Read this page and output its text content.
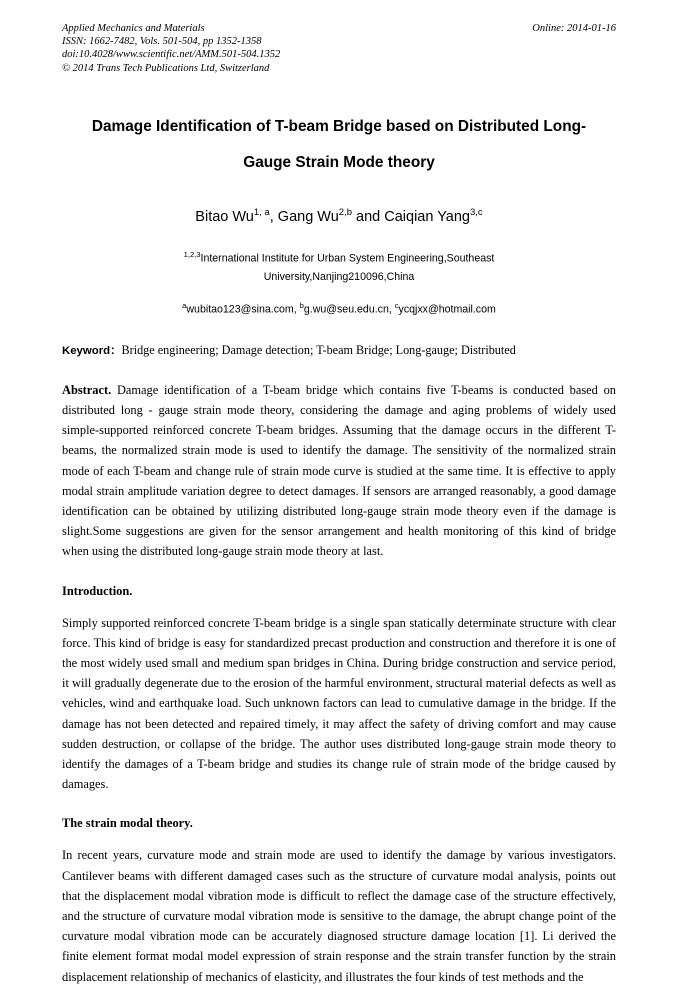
Applied Mechanics and Materials
ISSN: 1662-7482, Vols. 501-504, pp 1352-1358
doi:10.4028/www.scientific.net/AMM.501-504.1352
© 2014 Trans Tech Publications Ltd, Switzerland
Online: 2014-01-16
Damage Identification of T-beam Bridge based on Distributed Long-
Gauge Strain Mode theory
Bitao Wu$^{1, a}$, Gang Wu$^{2,b}$ and Caiqian Yang$^{3,c}$
$^{1,2,3}$International Institute for Urban System Engineering,Southeast
University,Nanjing210096,China
$^a$wubitao123@sina.com, $^b$g.wu@seu.edu.cn, $^c$ycqjxx@hotmail.com
Keyword：Bridge engineering; Damage detection; T-beam Bridge; Long-gauge; Distributed

Abstract. Damage identification of a T-beam bridge which contains five T-beams is conducted based on distributed long - gauge strain mode theory, considering the damage and aging problems of widely used simple-supported reinforced concrete T-beam bridges. Assuming that the damage occurs in the different T-beams, the normalized strain mode is used to identify the damage. The sensitivity of the normalized strain mode of each T-beam and change rule of strain mode curve is studied at the same time. It is effective to apply modal strain amplitude variation degree to detect damages. If sensors are arranged reasonably, a good damage identification can be obtained by utilizing distributed long-gauge strain mode theory even if the damage is slight.Some suggestions are given for the sensor arrangement and health monitoring of this kind of bridge when using the distributed long-gauge strain mode theory at last.

Introduction.

Simply supported reinforced concrete T-beam bridge is a single span statically determinate structure with clear force. This kind of bridge is easy for standardized precast production and construction and therefore it is one of the most widely used small and medium span bridges in China. During bridge construction and service period, it will gradually degenerate due to the erosion of the harmful environment, structural material defects as well as vehicles, wind and earthquake load. Such unknown factors can lead to cumulative damage in the bridge. If the damage has not been detected and repaired timely, it may affect the safety of driving comfort and may cause sudden destruction, or collapse of the bridge. The author uses distributed long-gauge strain mode theory to identify the damages of a T-beam bridge and studies its change rule of strain mode of the bridge caused by damages.

The strain modal theory.

In recent years, curvature mode and strain mode are used to identify the damage by various investigators. Cantilever beams with different damaged cases such as the structure of curvature modal analysis, points out that the displacement modal vibration mode is difficult to reflect the damage case of the structure effectively, and the structure of curvature modal vibration mode is sensitive to the damage, the abrupt change point of the curvature modal vibration mode can be accurately diagnosed structure damage location [1]. Li derived the finite element format modal model expression of strain response and the strain transfer function by the strain displacement relationship of mechanics of elasticity, and illustrates the four kinds of test methods and the
